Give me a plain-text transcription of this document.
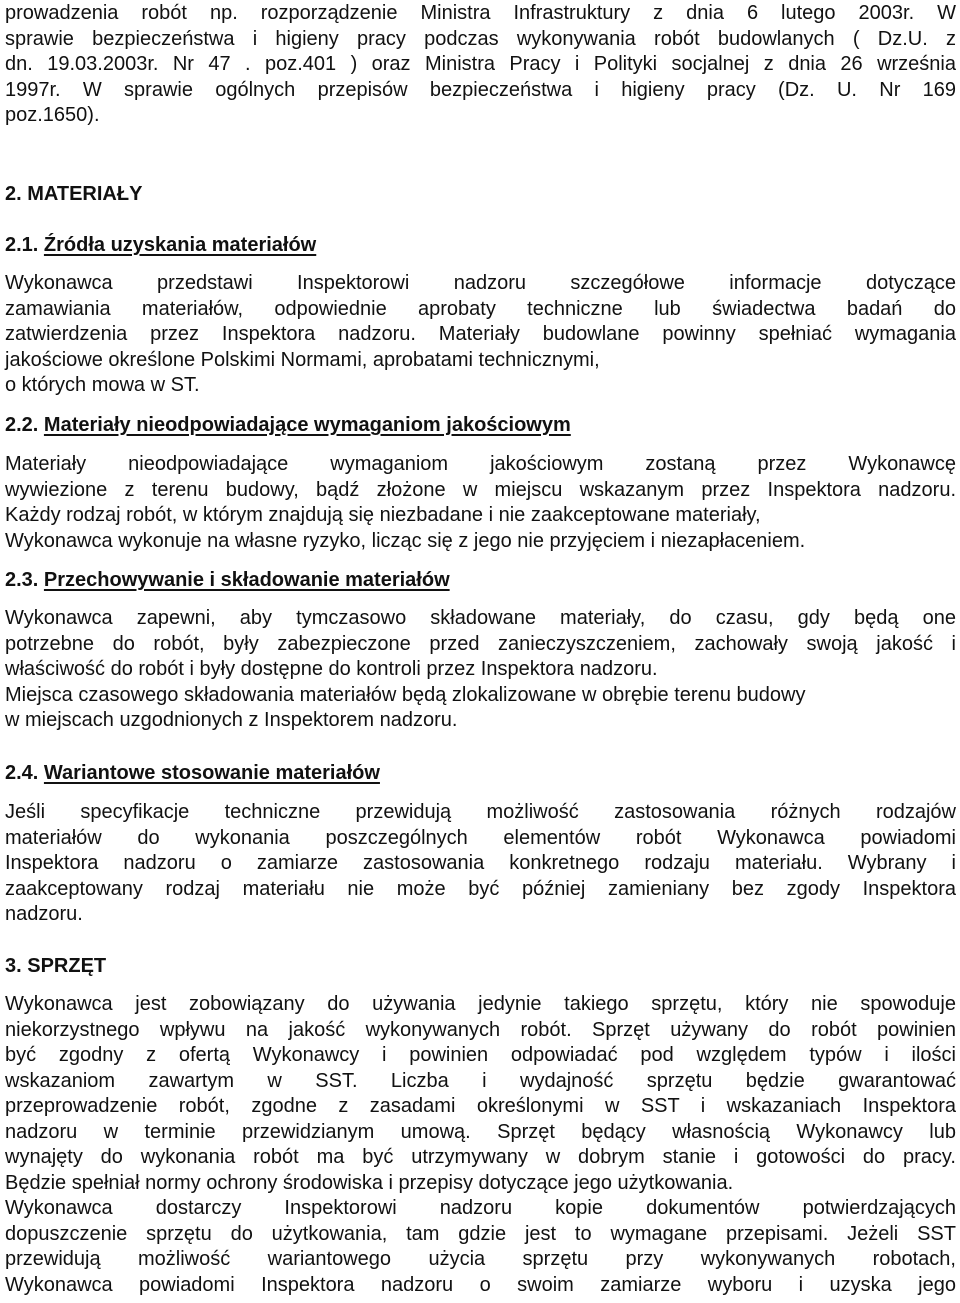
prowadzenia robót np. rozporządzenie Ministra Infrastruktury z dnia 6 lutego 2003r. W
sprawie bezpieczeństwa i higieny pracy podczas wykonywania robót budowlanych ( Dz.U. z
dn. 19.03.2003r. Nr 47 . poz.401 ) oraz Ministra Pracy i Polityki socjalnej z dnia 26 września
1997r. W sprawie ogólnych przepisów bezpieczeństwa i higieny pracy (Dz. U. Nr 169
poz.1650).
2. MATERIAŁY
2.1. Źródła uzyskania materiałów
Wykonawca przedstawi Inspektorowi nadzoru szczegółowe informacje dotyczące
zamawiania materiałów, odpowiednie aprobaty techniczne lub świadectwa badań do
zatwierdzenia przez Inspektora nadzoru. Materiały budowlane powinny spełniać wymagania
jakościowe określone Polskimi Normami, aprobatami technicznymi,
o których mowa w ST.
2.2. Materiały nieodpowiadające wymaganiom jakościowym
Materiały nieodpowiadające wymaganiom jakościowym zostaną przez Wykonawcę
wywiezione z terenu budowy, bądź złożone w miejscu wskazanym przez Inspektora nadzoru.
Każdy rodzaj robót, w którym znajdują się niezbadane i nie zaakceptowane materiały,
Wykonawca wykonuje na własne ryzyko, licząc się z jego nie przyjęciem i niezapłaceniem.
2.3. Przechowywanie i składowanie materiałów
Wykonawca zapewni, aby tymczasowo składowane materiały, do czasu, gdy będą one
potrzebne do robót, były zabezpieczone przed zanieczyszczeniem, zachowały swoją jakość i
właściwość do robót i były dostępne do kontroli przez Inspektora nadzoru.
Miejsca czasowego składowania materiałów będą zlokalizowane w obrębie terenu budowy
w miejscach uzgodnionych z Inspektorem nadzoru.
2.4. Wariantowe stosowanie materiałów
Jeśli specyfikacje techniczne przewidują możliwość zastosowania różnych rodzajów
materiałów do wykonania poszczególnych elementów robót Wykonawca powiadomi
Inspektora nadzoru o zamiarze zastosowania konkretnego rodzaju materiału. Wybrany i
zaakceptowany rodzaj materiału nie może być później zamieniany bez zgody Inspektora
nadzoru.
3. SPRZĘT
Wykonawca jest zobowiązany do używania jedynie takiego sprzętu, który nie spowoduje
niekorzystnego wpływu na jakość wykonywanych robót. Sprzęt używany do robót powinien
być zgodny z ofertą Wykonawcy i powinien odpowiadać pod względem typów i ilości
wskazaniom zawartym w SST. Liczba i wydajność sprzętu będzie gwarantować
przeprowadzenie robót, zgodne z zasadami określonymi w SST i wskazaniach Inspektora
nadzoru w terminie przewidzianym umową. Sprzęt będący własnością Wykonawcy lub
wynajęty do wykonania robót ma być utrzymywany w dobrym stanie i gotowości do pracy.
Będzie spełniał normy ochrony środowiska i przepisy dotyczące jego użytkowania.
Wykonawca dostarczy Inspektorowi nadzoru kopie dokumentów potwierdzających
dopuszczenie sprzętu do użytkowania, tam gdzie jest to wymagane przepisami. Jeżeli SST
przewidują możliwość wariantowego użycia sprzętu przy wykonywanych robotach,
Wykonawca powiadomi Inspektora nadzoru o swoim zamiarze wyboru i uzyska jego
